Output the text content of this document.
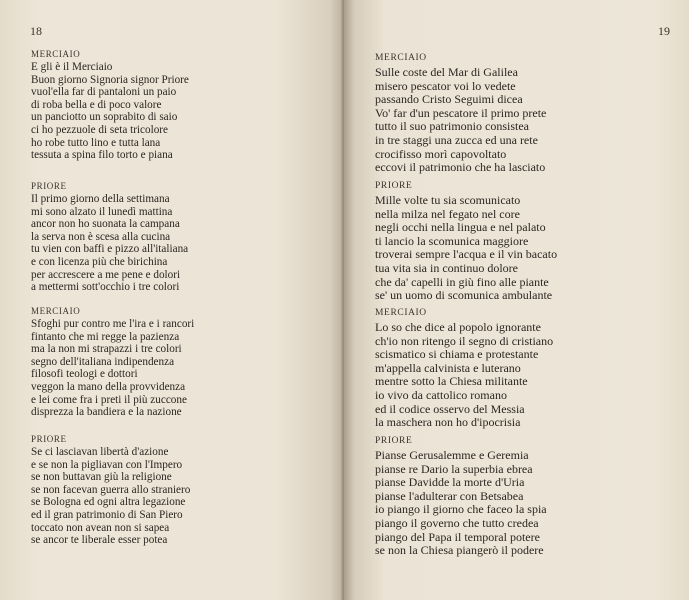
18
MERCIAIO
E gli è il Merciaio
Buon giorno Signoria signor Priore
vuol'ella far di pantaloni un paio
di roba bella e di poco valore
un panciotto un soprabito di saio
ci ho pezzuole di seta tricolore
ho robe tutto lino e tutta lana
tessuta a spina filo torto e piana
PRIORE
Il primo giorno della settimana
mi sono alzato il lunedì mattina
ancor non ho suonata la campana
la serva non è scesa alla cucina
tu vien con baffi e pizzo all'italiana
e con licenza più che birichina
per accrescere a me pene e dolori
a mettermi sott'occhio i tre colori
MERCIAIO
Sfoghi pur contro me l'ira e i rancori
fintanto che mi regge la pazienza
ma la non mi strapazzi i tre colori
segno dell'italiana indipendenza
filosofi teologi e dottori
veggon la mano della provvidenza
e lei come fra i preti il più zuccone
disprezza la bandiera e la nazione
PRIORE
Se ci lasciavan libertà d'azione
e se non la pigliavan con l'Impero
se non buttavan giù la religione
se non facevan guerra allo straniero
se Bologna ed ogni altra legazione
ed il gran patrimonio di San Piero
toccato non avean non si sapea
se ancor te liberale esser potea
19
MERCIAIO
Sulle coste del Mar di Galilea
misero pescator voi lo vedete
passando Cristo Seguimi dicea
Vo' far d'un pescatore il primo prete
tutto il suo patrimonio consistea
in tre staggi una zucca ed una rete
crocifisso morì capovoltato
eccovi il patrimonio che ha lasciato
PRIORE
Mille volte tu sia scomunicato
nella milza nel fegato nel core
negli occhi nella lingua e nel palato
ti lancio la scomunica maggiore
troverai sempre l'acqua e il vin bacato
tua vita sia in continuo dolore
che da' capelli in giù fino alle piante
se' un uomo di scomunica ambulante
MERCIAIO
Lo so che dice al popolo ignorante
ch'io non ritengo il segno di cristiano
scismatico si chiama e protestante
m'appella calvinista e luterano
mentre sotto la Chiesa militante
io vivo da cattolico romano
ed il codice osservo del Messia
la maschera non ho d'ipocrisia
PRIORE
Pianse Gerusalemme e Geremia
pianse re Dario la superbia ebrea
pianse Davidde la morte d'Uria
pianse l'adulterar con Betsabea
io piango il giorno che faceo la spia
piango il governo che tutto credea
piango del Papa il temporal potere
se non la Chiesa piangerò il podere
